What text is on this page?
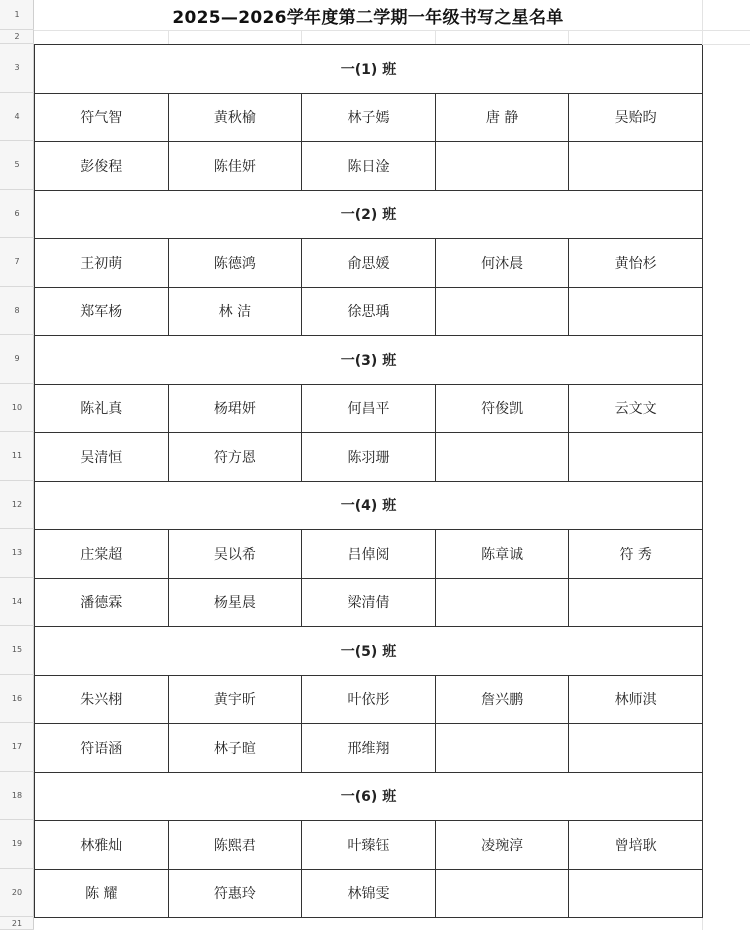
1
2
3
4
5
6
7
8
9
10
11
12
13
14
15
16
17
18
19
20
21
2025—2026学年度第二学期一年级书写之星名单
一(1) 班
符气智	黄秋榆	林子嫣	唐 静	吴贻昀
彭俊程	陈佳妍	陈日淦
一(2) 班
王初萌	陈德鸿	俞思媛	何沐晨	黄怡杉
郑军杨	林 洁	徐思瑀
一(3) 班
陈礼真	杨珺妍	何昌平	符俊凯	云文文
吴清恒	符方恩	陈羽珊
一(4) 班
庄棠超	吴以希	吕倬阅	陈章诚	符 秀
潘德霖	杨星晨	梁清倩
一(5) 班
朱兴栩	黄宇昕	叶依彤	詹兴鹏	林师淇
符语涵	林子暄	邢维翔
一(6) 班
林雅灿	陈熙君	叶臻钰	凌琬淳	曾培耿
陈 耀	符惠玲	林锦雯
